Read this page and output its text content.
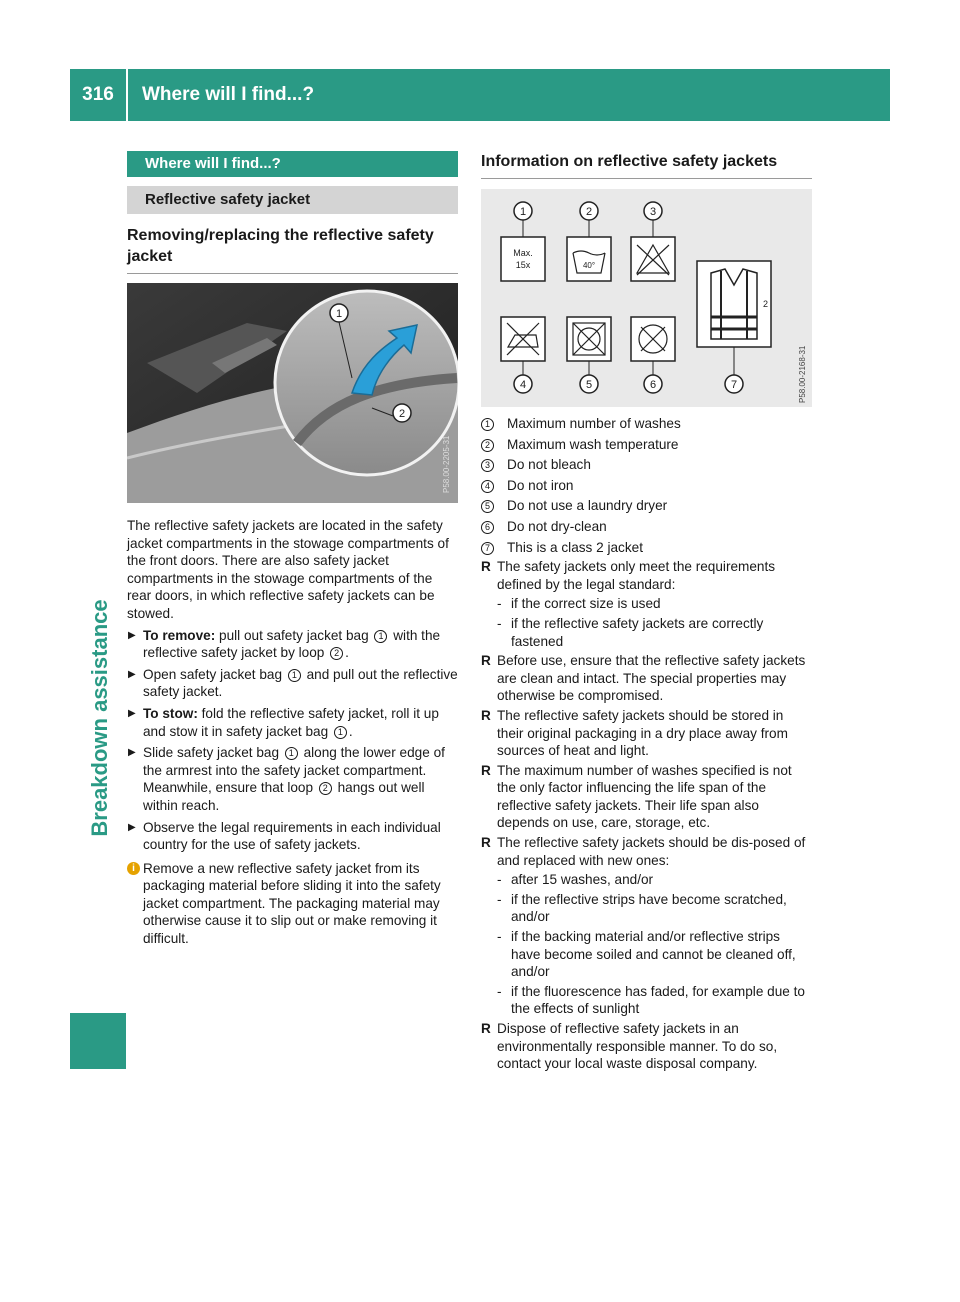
316	Where will I find...?
Breakdown assistance
Where will I find...?
Reflective safety jacket
Removing/replacing the reflective safety jacket
1
2
P58.00-2205-31
The reflective safety jackets are located in the safety jacket compartments in the stowage compartments of the front doors. There are also safety jacket compartments in the stowage compartments of the rear doors, in which reflective safety jackets can be stowed.
▶ To remove: pull out safety jacket bag 1 with the reflective safety jacket by loop 2 .
▶ Open safety jacket bag 1 and pull out the reflective safety jacket.
▶ To stow: fold the reflective safety jacket, roll it up and stow it in safety jacket bag 1 .
▶ Slide safety jacket bag 1 along the lower edge of the armrest into the safety jacket compartment. Meanwhile, ensure that loop 2 hangs out well within reach.
▶ Observe the legal requirements in each individual country for the use of safety jackets.
i Remove a new reflective safety jacket from its packaging material before sliding it into the safety jacket compartment. The packaging material may otherwise cause it to slip out or make removing it difficult.
Information on reflective safety jackets
1	2	3
Max.
15x	40°
2
4	5	6	7	P58.00-2168-31
1 Maximum number of washes
2 Maximum wash temperature
3 Do not bleach
4 Do not iron
5 Do not use a laundry dryer
6 Do not dry-clean
7 This is a class 2 jacket
R The safety jackets only meet the requirements defined by the legal standard:
- if the correct size is used
- if the reflective safety jackets are correctly fastened
R Before use, ensure that the reflective safety jackets are clean and intact. The special properties may otherwise be compromised.
R The reflective safety jackets should be stored in their original packaging in a dry place away from sources of heat and light.
R The maximum number of washes specified is not the only factor influencing the life span of the reflective safety jackets. Their life span also depends on use, care, storage, etc.
R The reflective safety jackets should be dis-posed of and replaced with new ones:
- after 15 washes, and/or
- if the reflective strips have become scratched, and/or
- if the backing material and/or reflective strips have become soiled and cannot be cleaned off, and/or
- if the fluorescence has faded, for example due to the effects of sunlight
R Dispose of reflective safety jackets in an environmentally responsible manner. To do so, contact your local waste disposal company.
